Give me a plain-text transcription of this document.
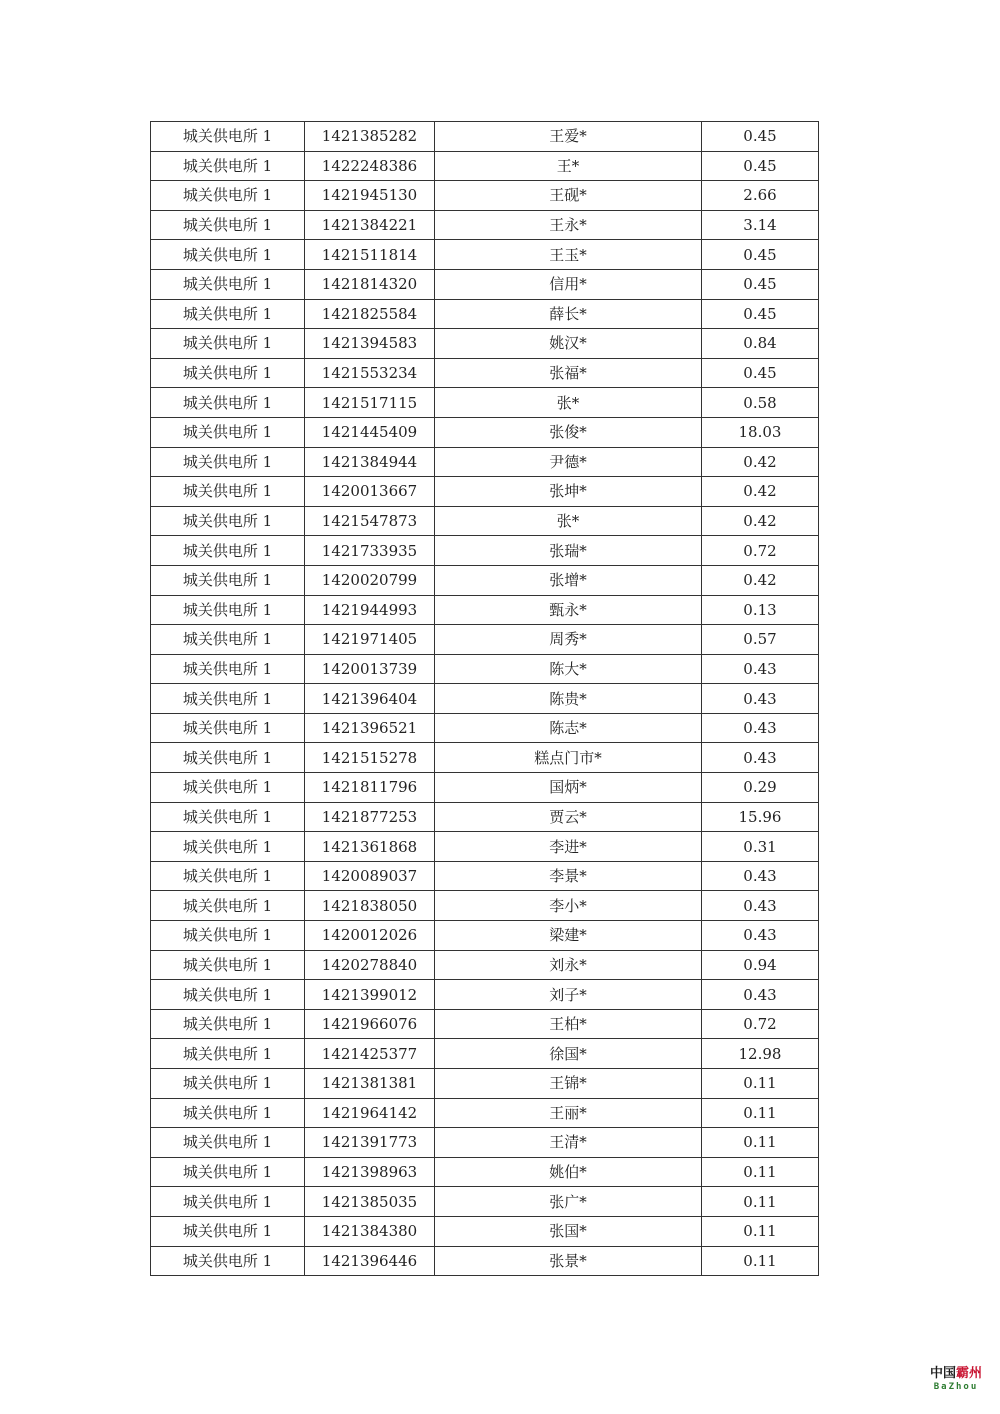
城关供电所 1	1421385282	王爱*	0.45
城关供电所 1	1422248386	王*	0.45
城关供电所 1	1421945130	王砚*	2.66
城关供电所 1	1421384221	王永*	3.14
城关供电所 1	1421511814	王玉*	0.45
城关供电所 1	1421814320	信用*	0.45
城关供电所 1	1421825584	薛长*	0.45
城关供电所 1	1421394583	姚汉*	0.84
城关供电所 1	1421553234	张福*	0.45
城关供电所 1	1421517115	张*	0.58
城关供电所 1	1421445409	张俊*	18.03
城关供电所 1	1421384944	尹德*	0.42
城关供电所 1	1420013667	张坤*	0.42
城关供电所 1	1421547873	张*	0.42
城关供电所 1	1421733935	张瑞*	0.72
城关供电所 1	1420020799	张增*	0.42
城关供电所 1	1421944993	甄永*	0.13
城关供电所 1	1421971405	周秀*	0.57
城关供电所 1	1420013739	陈大*	0.43
城关供电所 1	1421396404	陈贵*	0.43
城关供电所 1	1421396521	陈志*	0.43
城关供电所 1	1421515278	糕点门市*	0.43
城关供电所 1	1421811796	国炳*	0.29
城关供电所 1	1421877253	贾云*	15.96
城关供电所 1	1421361868	李进*	0.31
城关供电所 1	1420089037	李景*	0.43
城关供电所 1	1421838050	李小*	0.43
城关供电所 1	1420012026	梁建*	0.43
城关供电所 1	1420278840	刘永*	0.94
城关供电所 1	1421399012	刘子*	0.43
城关供电所 1	1421966076	王柏*	0.72
城关供电所 1	1421425377	徐国*	12.98
城关供电所 1	1421381381	王锦*	0.11
城关供电所 1	1421964142	王丽*	0.11
城关供电所 1	1421391773	王清*	0.11
城关供电所 1	1421398963	姚伯*	0.11
城关供电所 1	1421385035	张广*	0.11
城关供电所 1	1421384380	张国*	0.11
城关供电所 1	1421396446	张景*	0.11
中国霸州
BaZhou
